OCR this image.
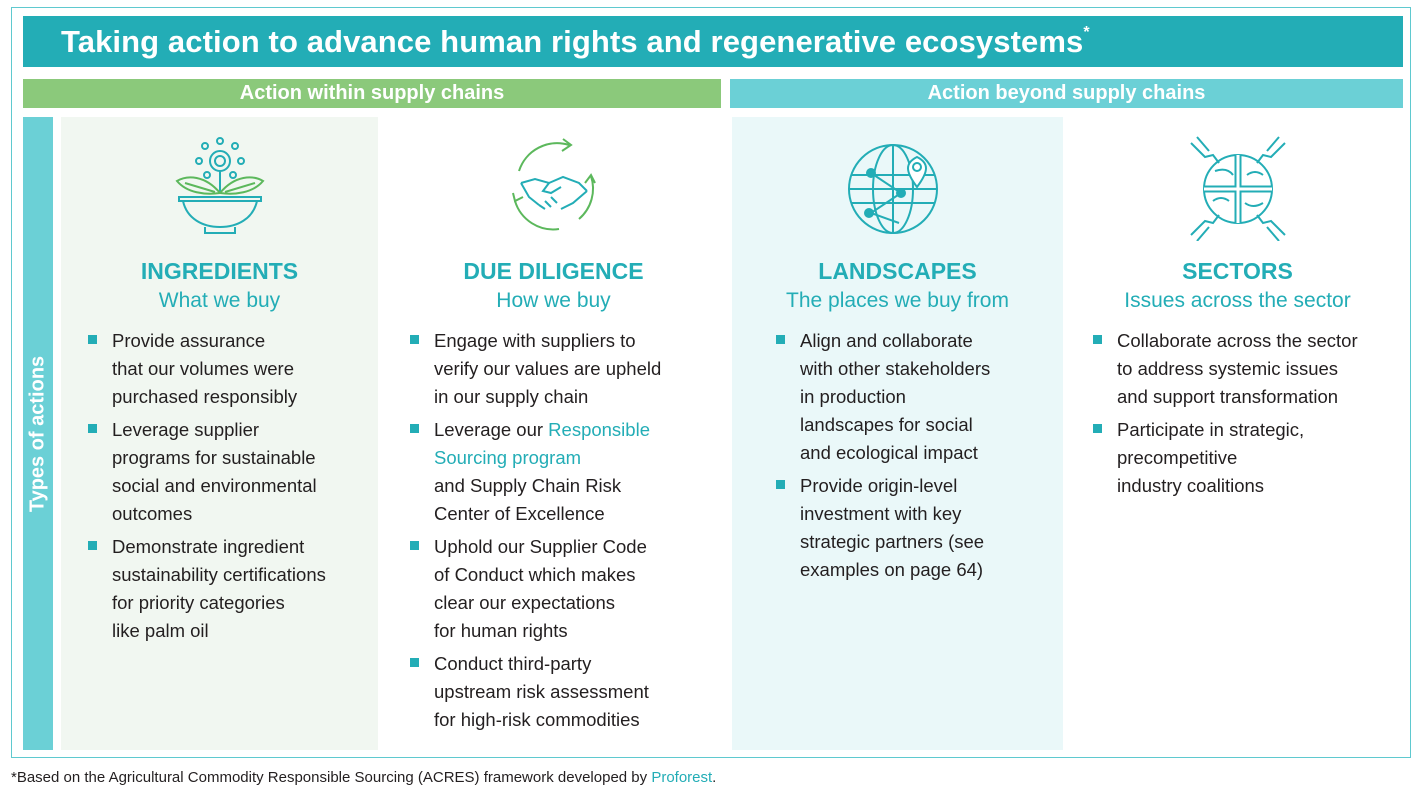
Taking action to advance human rights and regenerative ecosystems*
Action within supply chains	Action beyond supply chains
Types of actions
INGREDIENTS
What we buy
Provide assurance
that our volumes were
purchased responsibly
Leverage supplier
programs for sustainable
social and environmental
outcomes
Demonstrate ingredient
sustainability certifications
for priority categories
like palm oil
DUE DILIGENCE
How we buy
Engage with suppliers to
verify our values are upheld
in our supply chain
Leverage our Responsible
Sourcing program
and Supply Chain Risk
Center of Excellence
Uphold our Supplier Code
of Conduct which makes
clear our expectations
for human rights
Conduct third-party
upstream risk assessment
for high-risk commodities
LANDSCAPES
The places we buy from
Align and collaborate
with other stakeholders
in production
landscapes for social
and ecological impact
Provide origin-level
investment with key
strategic partners (see
examples on page 64)
SECTORS
Issues across the sector
Collaborate across the sector
to address systemic issues
and support transformation
Participate in strategic,
precompetitive
industry coalitions
*Based on the Agricultural Commodity Responsible Sourcing (ACRES) framework developed by Proforest.
